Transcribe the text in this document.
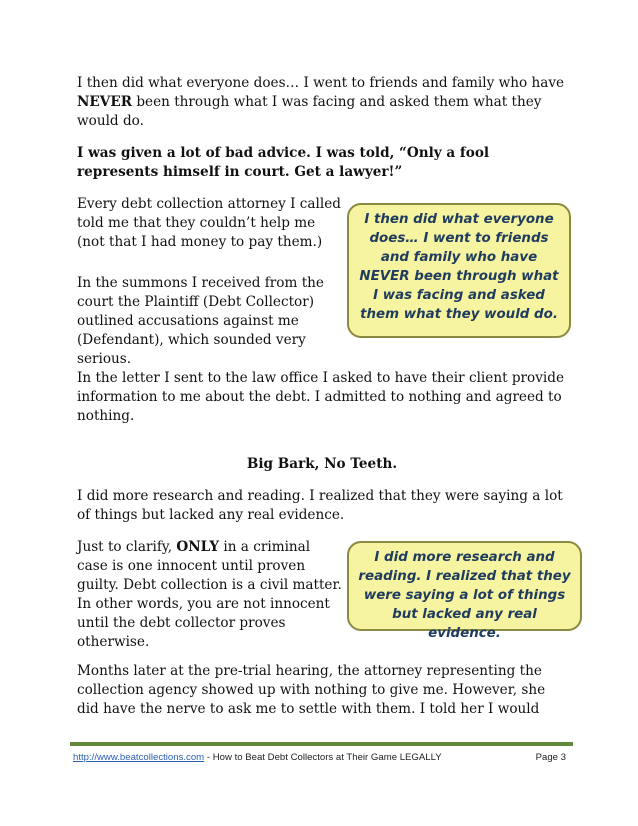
I then did what everyone does… I went to friends and family who have NEVER been through what I was facing and asked them what they would do.

I was given a lot of bad advice. I was told, “Only a fool represents himself in court. Get a lawyer!”

Every debt collection attorney I called told me that they couldn’t help me (not that I had money to pay them.)

In the summons I received from the court the Plaintiff (Debt Collector) outlined accusations against me (Defendant), which sounded very serious.

In the letter I sent to the law office I asked to have their client provide information to me about the debt. I admitted to nothing and agreed to nothing.

Big Bark, No Teeth.

I did more research and reading. I realized that they were saying a lot of things but lacked any real evidence.

Just to clarify, ONLY in a criminal case is one innocent until proven guilty. Debt collection is a civil matter. In other words, you are not innocent until the debt collector proves otherwise.

Months later at the pre-trial hearing, the attorney representing the collection agency showed up with nothing to give me. However, she did have the nerve to ask me to settle with them. I told her I would

I then did what everyone does… I went to friends and family who have NEVER been through what I was facing and asked them what they would do.

I did more research and reading. I realized that they were saying a lot of things but lacked any real evidence.

http://www.beatcollections.com - How to Beat Debt Collectors at Their Game LEGALLY	Page 3
